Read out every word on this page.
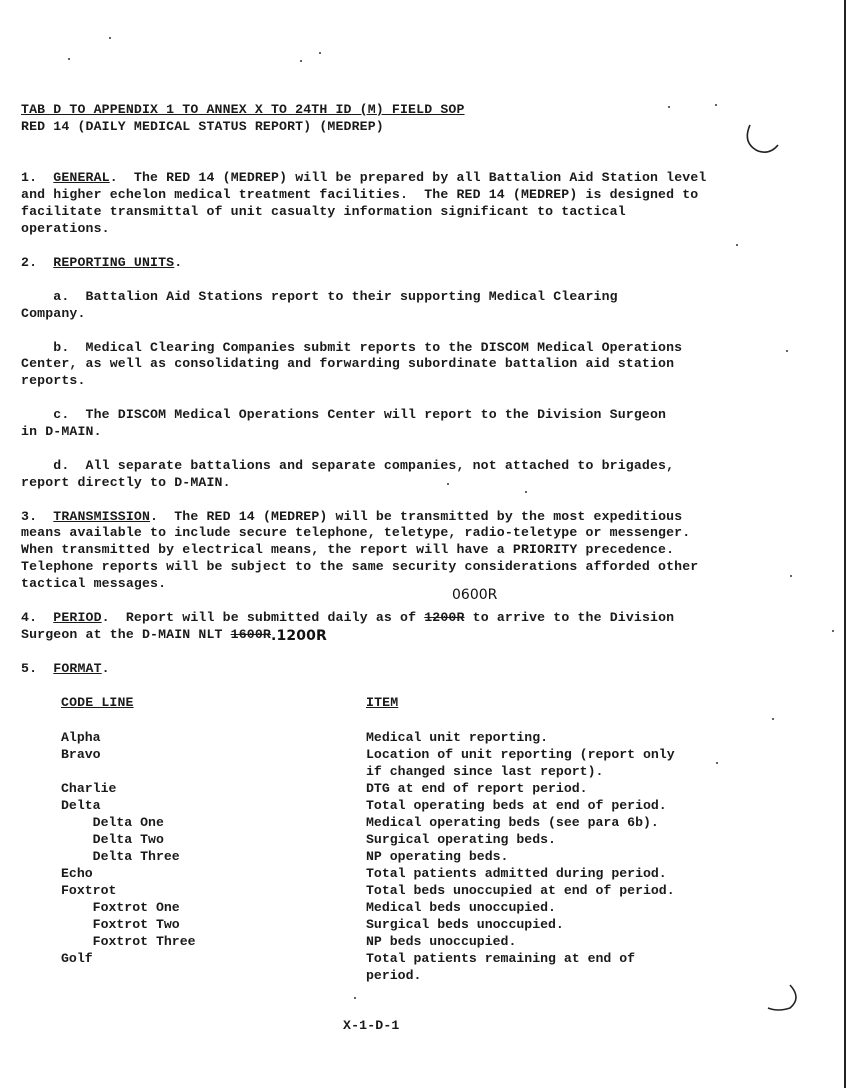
TAB D TO APPENDIX 1 TO ANNEX X TO 24TH ID (M) FIELD SOP
RED 14 (DAILY MEDICAL STATUS REPORT) (MEDREP)
1. GENERAL.  The RED 14 (MEDREP) will be prepared by all Battalion Aid Station level
and higher echelon medical treatment facilities.  The RED 14 (MEDREP) is designed to
facilitate transmittal of unit casualty information significant to tactical
operations.
2. REPORTING UNITS.
a.  Battalion Aid Stations report to their supporting Medical Clearing
Company.
b.  Medical Clearing Companies submit reports to the DISCOM Medical Operations
Center, as well as consolidating and forwarding subordinate battalion aid station
reports.
c.  The DISCOM Medical Operations Center will report to the Division Surgeon
in D-MAIN.
d.  All separate battalions and separate companies, not attached to brigades,
report directly to D-MAIN.
3. TRANSMISSION.  The RED 14 (MEDREP) will be transmitted by the most expeditious
means available to include secure telephone, teletype, radio-teletype or messenger.
When transmitted by electrical means, the report will have a PRIORITY precedence.
Telephone reports will be subject to the same security considerations afforded other
tactical messages.
0600R
4. PERIOD.  Report will be submitted daily as of 1200R to arrive to the Division
Surgeon at the D-MAIN NLT 1600R.1200R
5. FORMAT.
CODE LINE	ITEM
Alpha	Medical unit reporting.
Bravo	Location of unit reporting (report only
if changed since last report).
Charlie	DTG at end of report period.
Delta	Total operating beds at end of period.
Delta One	Medical operating beds (see para 6b).
Delta Two	Surgical operating beds.
Delta Three	NP operating beds.
Echo	Total patients admitted during period.
Foxtrot	Total beds unoccupied at end of period.
Foxtrot One	Medical beds unoccupied.
Foxtrot Two	Surgical beds unoccupied.
Foxtrot Three	NP beds unoccupied.
Golf	Total patients remaining at end of
period.
X-1-D-1
